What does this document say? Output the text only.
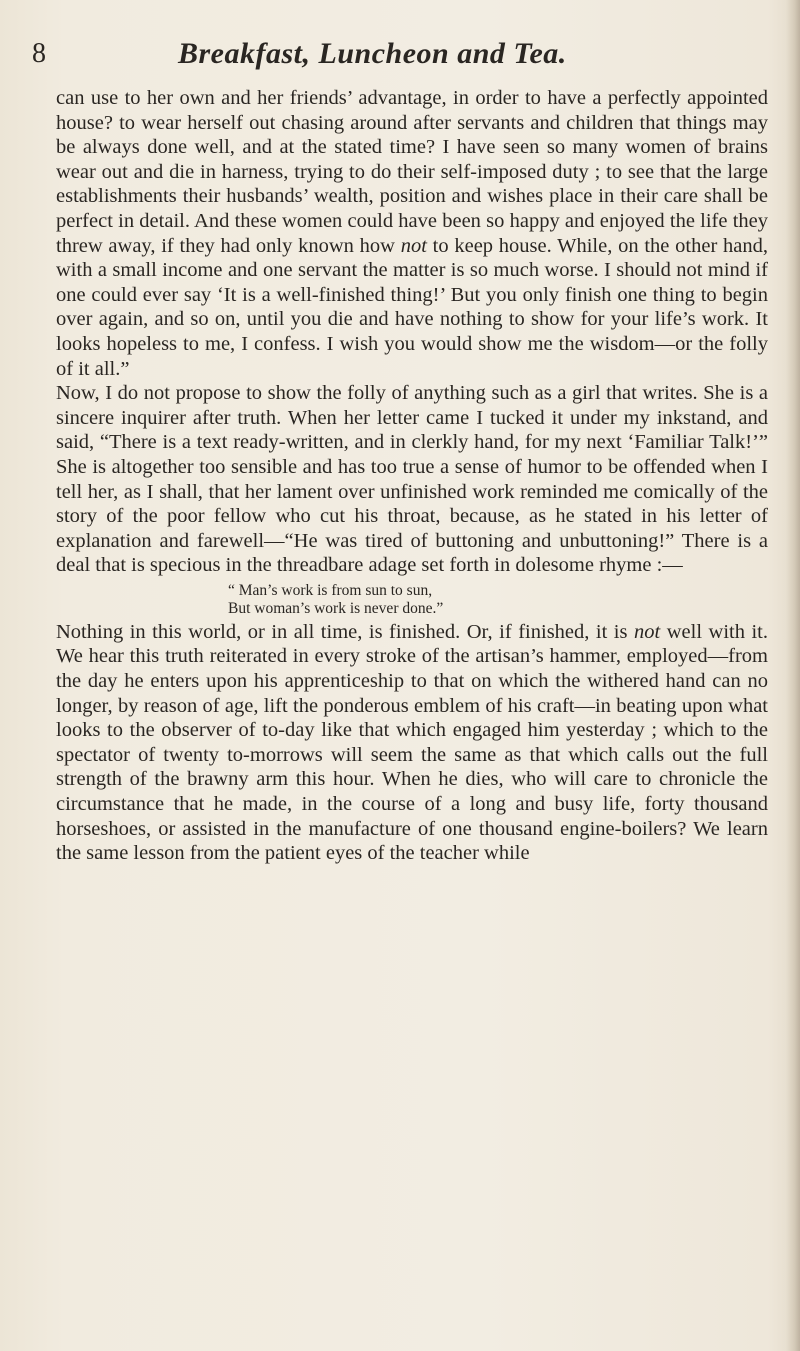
8	Breakfast, Luncheon and Tea.

can use to her own and her friends’ advantage, in order to have a perfectly appointed house? to wear herself out chasing around after servants and children that things may be always done well, and at the stated time? I have seen so many women of brains wear out and die in harness, trying to do their self-imposed duty ; to see that the large establishments their husbands’ wealth, position and wishes place in their care shall be perfect in detail. And these women could have been so happy and enjoyed the life they threw away, if they had only known how not to keep house. While, on the other hand, with a small income and one servant the matter is so much worse. I should not mind if one could ever say ‘It is a well-finished thing!’ But you only finish one thing to begin over again, and so on, until you die and have nothing to show for your life’s work. It looks hopeless to me, I confess. I wish you would show me the wisdom—or the folly of it all.”

Now, I do not propose to show the folly of anything such as a girl that writes. She is a sincere inquirer after truth. When her letter came I tucked it under my inkstand, and said, “There is a text ready-written, and in clerkly hand, for my next ‘Familiar Talk!’” She is altogether too sensible and has too true a sense of humor to be offended when I tell her, as I shall, that her lament over unfinished work reminded me comically of the story of the poor fellow who cut his throat, because, as he stated in his letter of explanation and farewell—“He was tired of buttoning and unbuttoning!” There is a deal that is specious in the threadbare adage set forth in dolesome rhyme :—

“ Man’s work is from sun to sun,
But woman’s work is never done.”

Nothing in this world, or in all time, is finished. Or, if finished, it is not well with it. We hear this truth reiterated in every stroke of the artisan’s hammer, employed—from the day he enters upon his apprenticeship to that on which the withered hand can no longer, by reason of age, lift the ponderous emblem of his craft—in beating upon what looks to the observer of to-day like that which engaged him yesterday ; which to the spectator of twenty to-morrows will seem the same as that which calls out the full strength of the brawny arm this hour. When he dies, who will care to chronicle the circumstance that he made, in the course of a long and busy life, forty thousand horseshoes, or assisted in the manufacture of one thousand engine-boilers? We learn the same lesson from the patient eyes of the teacher while
